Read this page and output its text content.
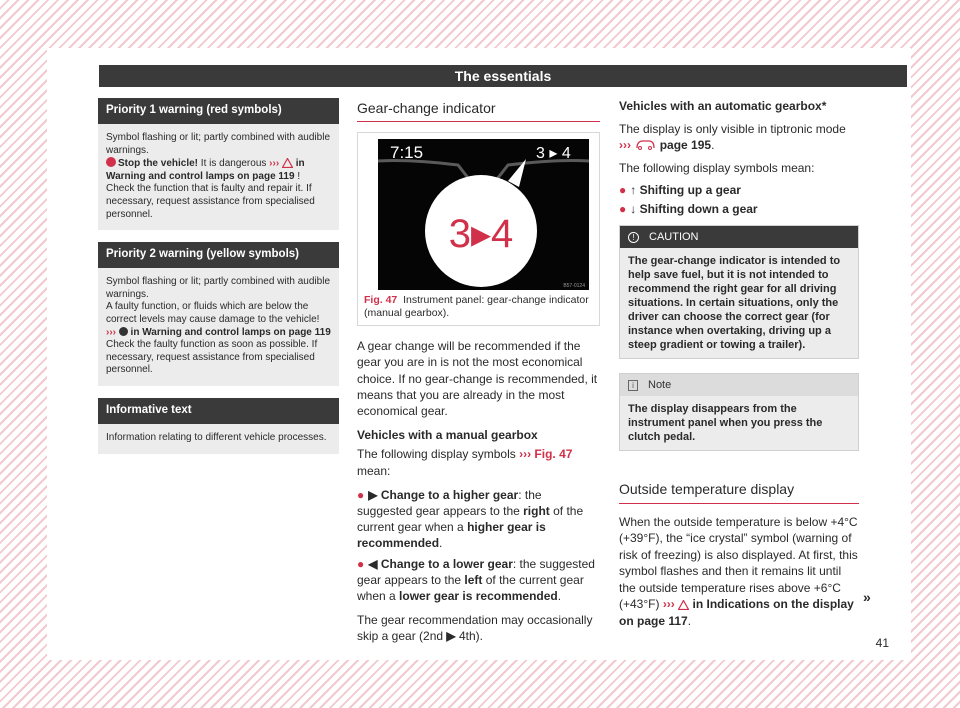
The essentials
Priority 1 warning (red symbols)

Symbol flashing or lit; partly combined with audible warnings.

Stop the vehicle! It is dangerous ›››  in Warning and control lamps on page 119 !

Check the function that is faulty and repair it. If necessary, request assistance from specialised personnel.

Priority 2 warning (yellow symbols)

Symbol flashing or lit; partly combined with audible warnings.

A faulty function, or fluids which are below the correct levels may cause damage to the vehicle! ›››  in Warning and control lamps on page 119

Check the faulty function as soon as possible. If necessary, request assistance from specialised personnel.

Informative text

Information relating to different vehicle processes.

Gear-change indicator
7:15	3 ▸ 4
3▸4
B57-0124
Fig. 47 Instrument panel: gear-change indicator (manual gearbox).

A gear change will be recommended if the gear you are in is not the most economical choice. If no gear-change is recommended, it means that you are already in the most economical gear.

Vehicles with a manual gearbox

The following display symbols ››› Fig. 47 mean:

● ▶ Change to a higher gear: the suggested gear appears to the right of the current gear when a higher gear is recommended.

● ◀ Change to a lower gear: the suggested gear appears to the left of the current gear when a lower gear is recommended.

The gear recommendation may occasionally skip a gear (2nd ▶ 4th).

Vehicles with an automatic gearbox*

The display is only visible in tiptronic mode
›››  page 195.

The following display symbols mean:

● ↑ Shifting up a gear

● ↓ Shifting down a gear

!	CAUTION
The gear-change indicator is intended to help save fuel, but it is not intended to recommend the right gear for all driving situations. In certain situations, only the driver can choose the correct gear (for instance when overtaking, driving up a steep gradient or towing a trailer).
i	Note
The display disappears from the instrument panel when you press the clutch pedal.
Outside temperature display

When the outside temperature is below +4°C (+39°F), the “ice crystal” symbol (warning of risk of freezing) is also displayed. At first, this symbol flashes and then it remains lit until the outside temperature rises above +6°C (+43°F) ›››  in Indications on the display on page 117.

»
41
